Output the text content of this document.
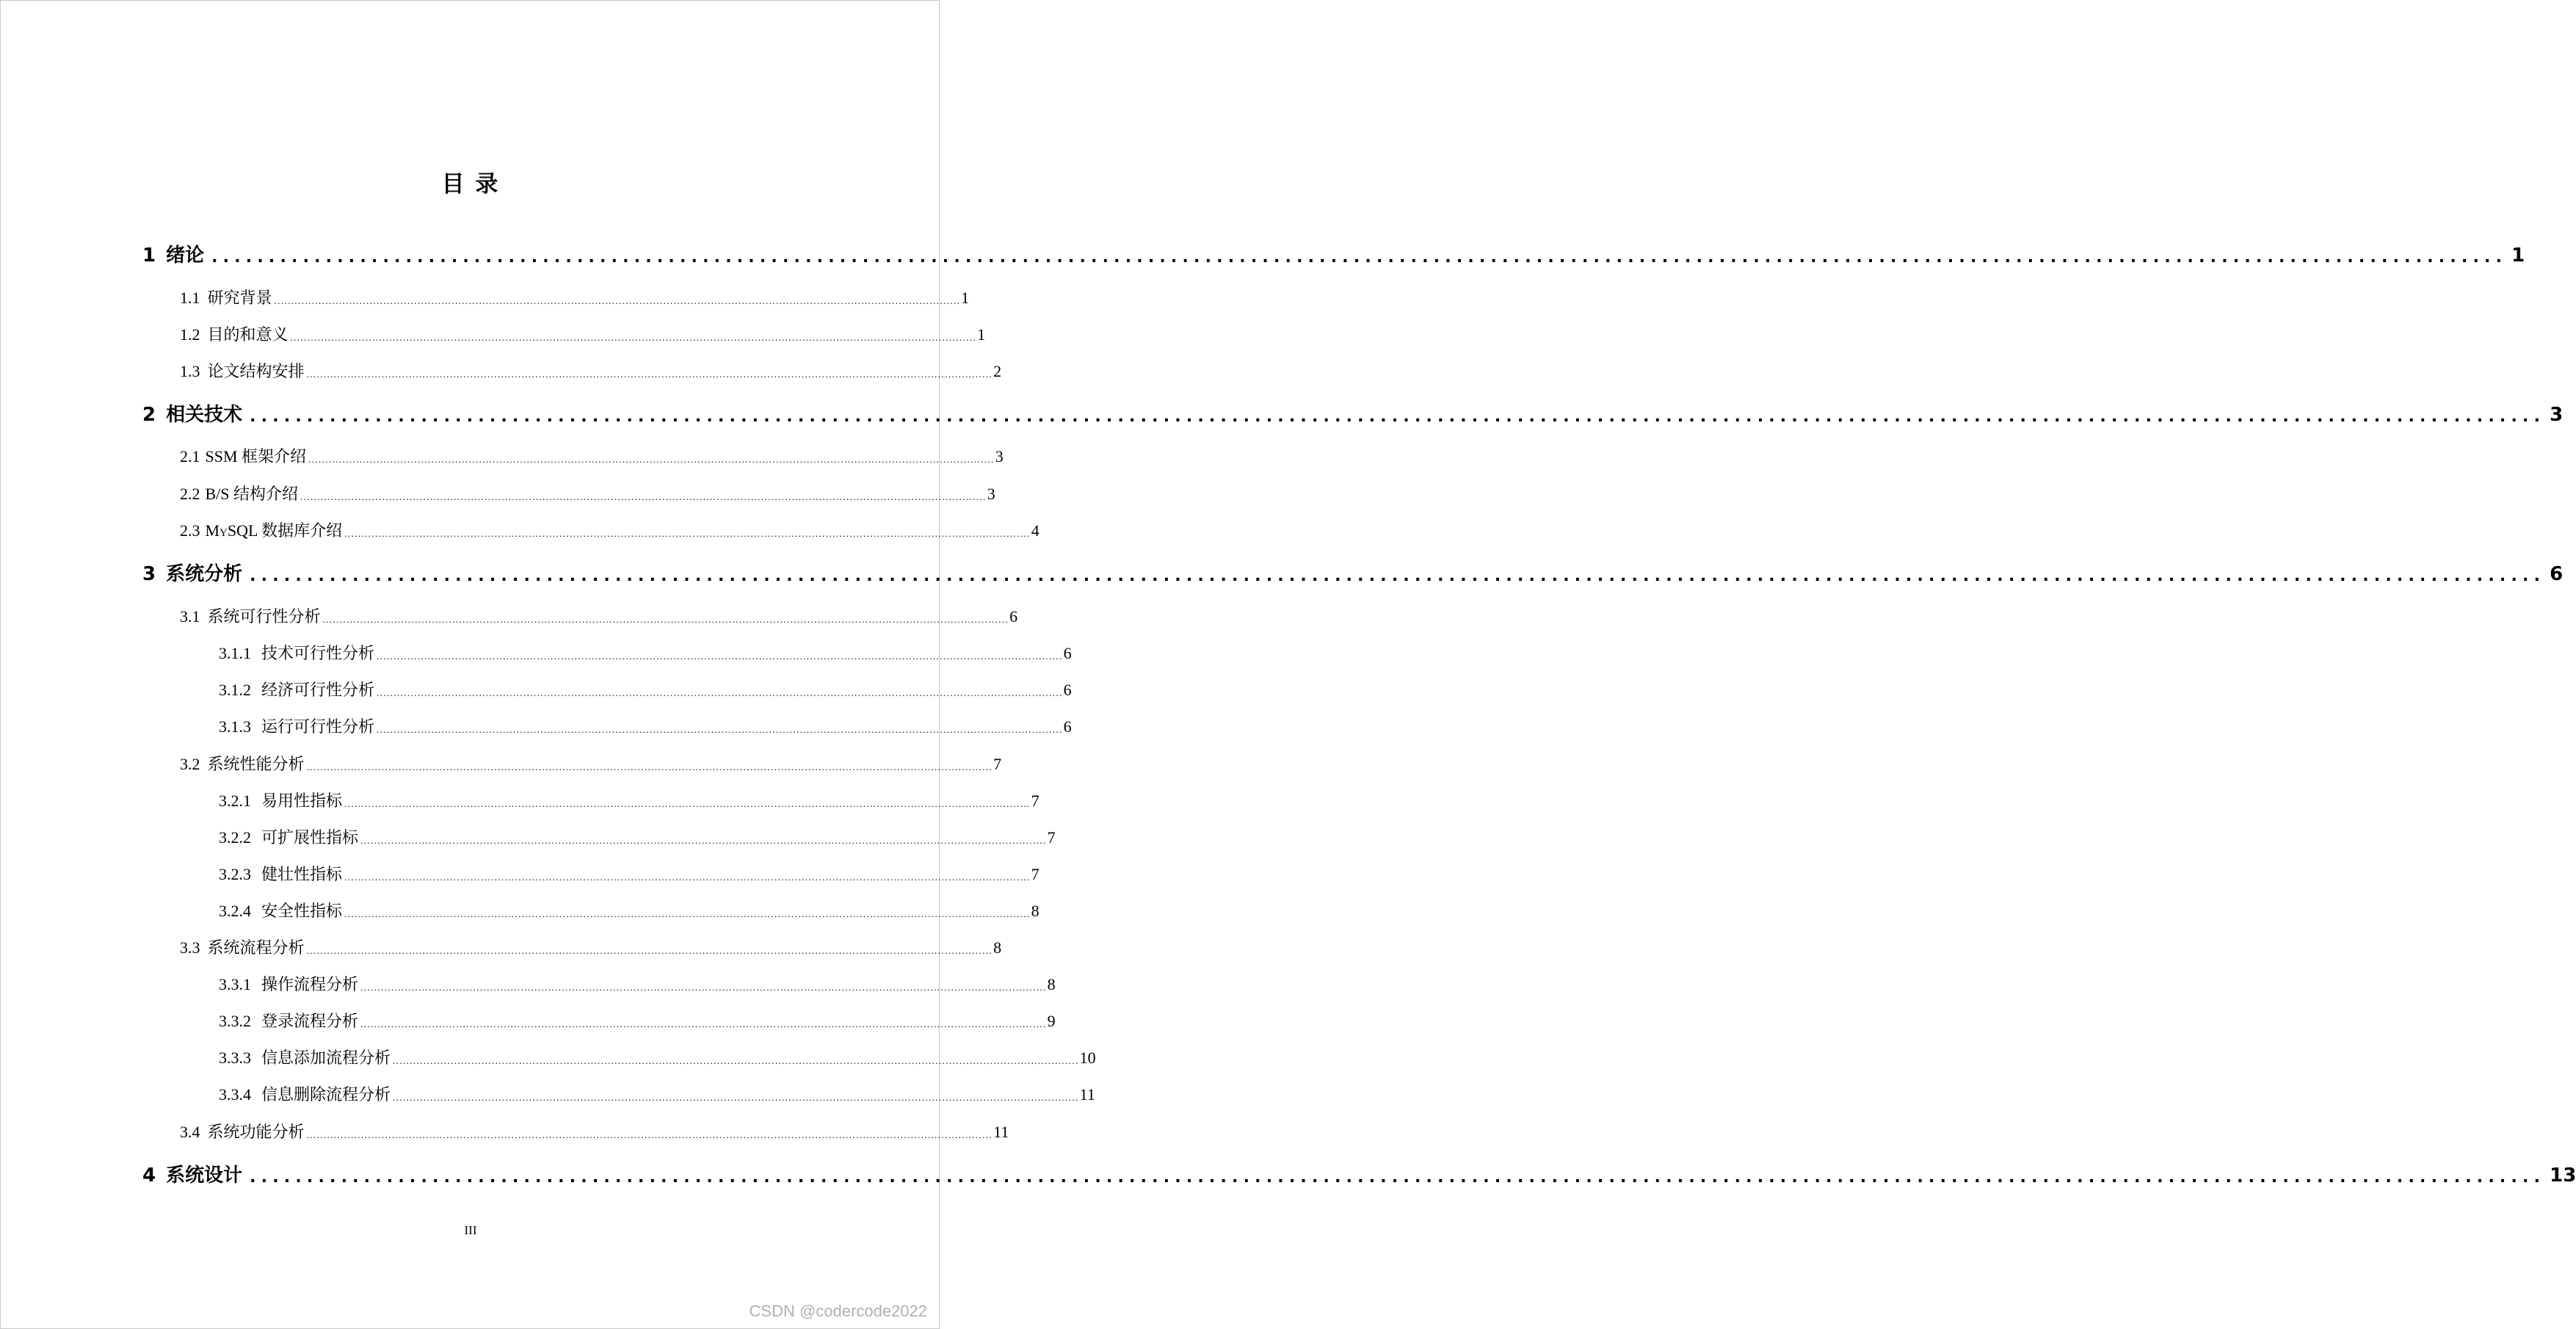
目 录
1 绪论 ......................................................................................................................................................................................................... 1
1.1 研究背景 ......................................................................................................................................................................................................... 1
1.2 目的和意义 ......................................................................................................................................................................................................... 1
1.3 论文结构安排 ......................................................................................................................................................................................................... 2
2 相关技术 ......................................................................................................................................................................................................... 3
2.1 SSM 框架介绍 ......................................................................................................................................................................................................... 3
2.2 B/S 结构介绍 ......................................................................................................................................................................................................... 3
2.3 MySQL 数据库介绍 ......................................................................................................................................................................................................... 4
3 系统分析 ......................................................................................................................................................................................................... 6
3.1 系统可行性分析 ......................................................................................................................................................................................................... 6
3.1.1 技术可行性分析 ......................................................................................................................................................................................................... 6
3.1.2 经济可行性分析 ......................................................................................................................................................................................................... 6
3.1.3 运行可行性分析 ......................................................................................................................................................................................................... 6
3.2 系统性能分析 ......................................................................................................................................................................................................... 7
3.2.1 易用性指标 ......................................................................................................................................................................................................... 7
3.2.2 可扩展性指标 ......................................................................................................................................................................................................... 7
3.2.3 健壮性指标 ......................................................................................................................................................................................................... 7
3.2.4 安全性指标 ......................................................................................................................................................................................................... 8
3.3 系统流程分析 ......................................................................................................................................................................................................... 8
3.3.1 操作流程分析 ......................................................................................................................................................................................................... 8
3.3.2 登录流程分析 ......................................................................................................................................................................................................... 9
3.3.3 信息添加流程分析 ......................................................................................................................................................................................................... 10
3.3.4 信息删除流程分析 ......................................................................................................................................................................................................... 11
3.4 系统功能分析 ......................................................................................................................................................................................................... 11
4 系统设计 ......................................................................................................................................................................................................... 13
III
CSDN @codercode2022
